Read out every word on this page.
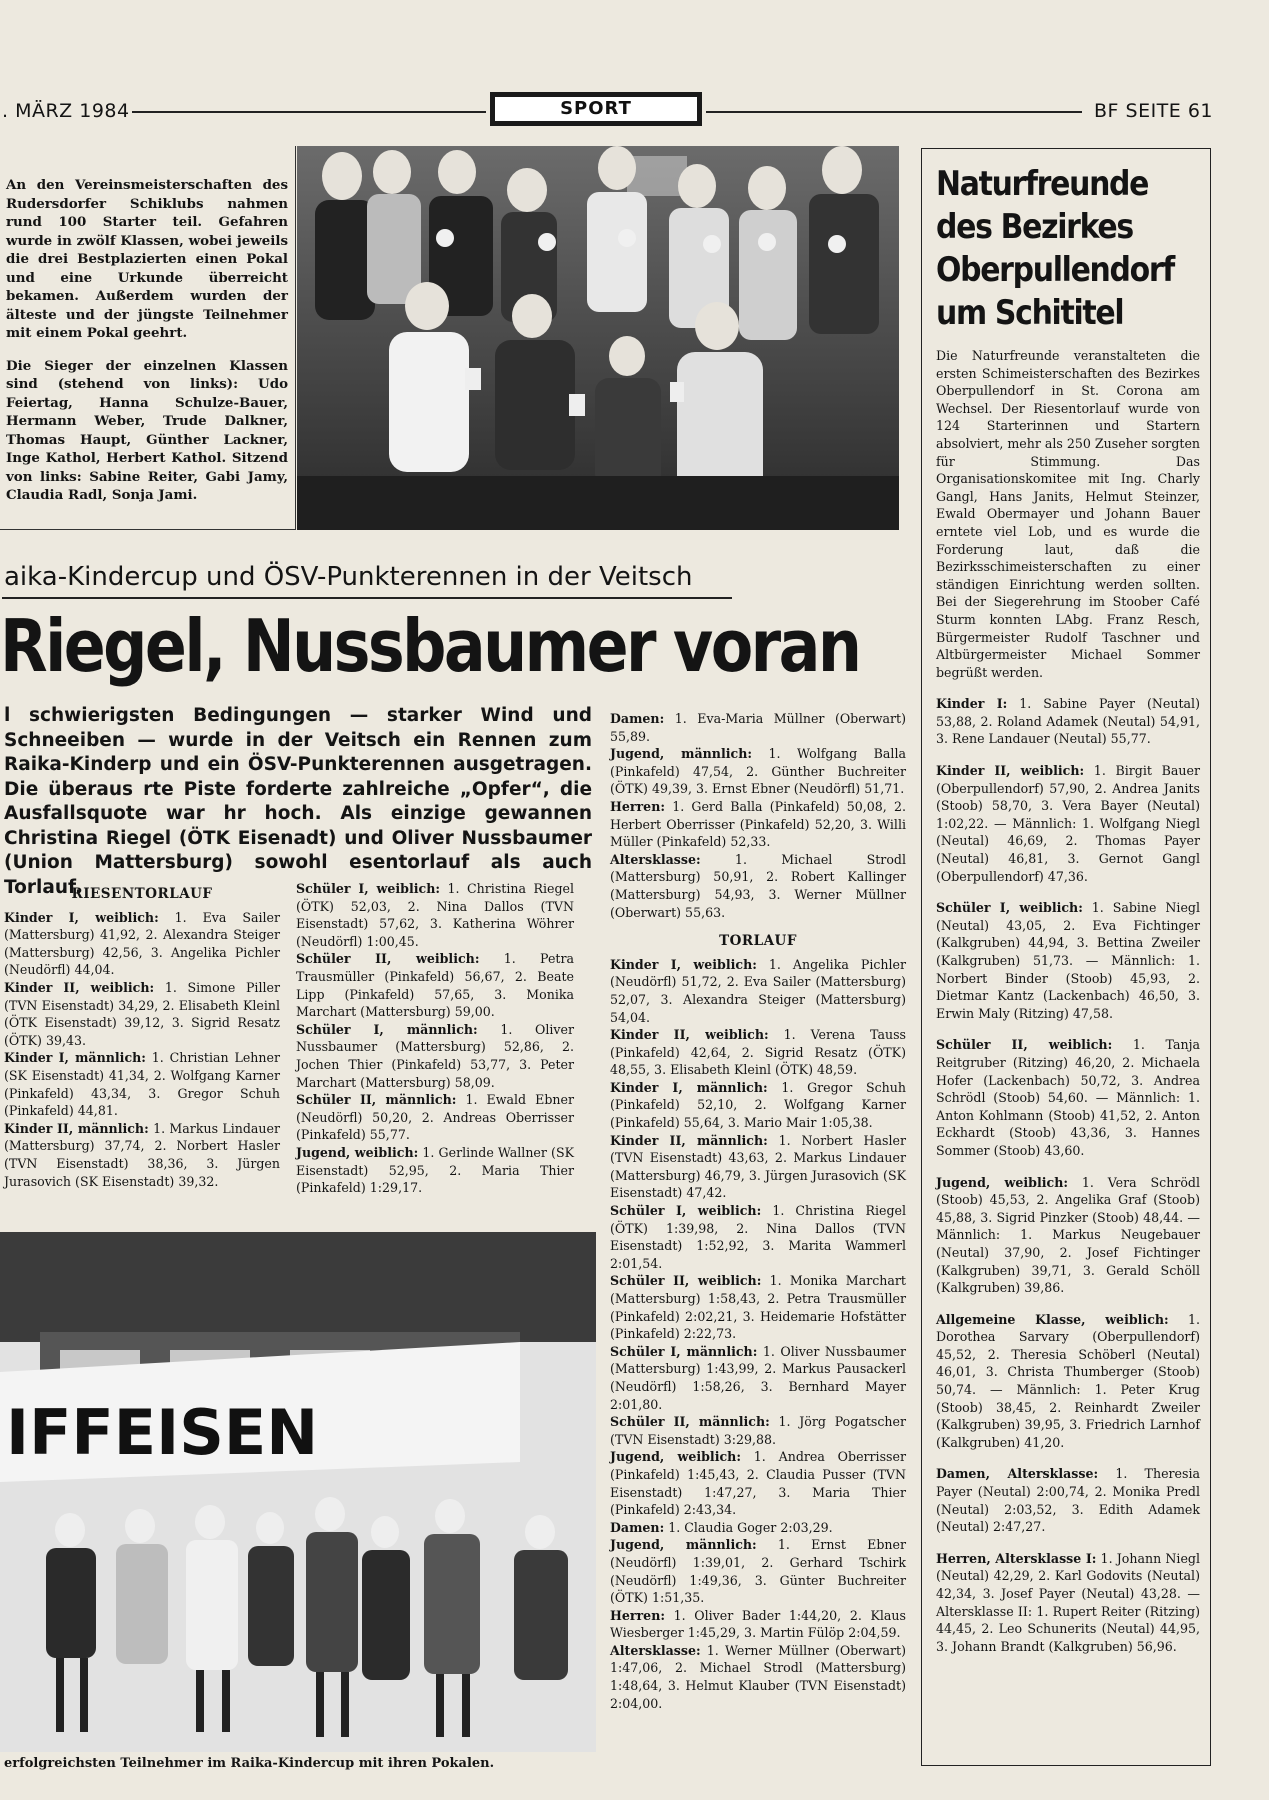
. MÄRZ 1984	SPORT	BF SEITE 61

An den Vereinsmeisterschaften des Rudersdorfer Schiklubs nahmen rund 100 Starter teil. Gefahren wurde in zwölf Klassen, wobei jeweils die drei Bestplazierten einen Pokal und eine Urkunde überreicht bekamen. Außerdem wurden der älteste und der jüngste Teilnehmer mit einem Pokal geehrt.

Die Sieger der einzelnen Klassen sind (stehend von links): Udo Feiertag, Hanna Schulze-Bauer, Hermann Weber, Trude Dalkner, Thomas Haupt, Günther Lackner, Inge Kathol, Herbert Kathol. Sitzend von links: Sabine Reiter, Gabi Jamy, Claudia Radl, Sonja Jami.

aika-Kindercup und ÖSV-Punkterennen in der Veitsch
Riegel, Nussbaumer voran
l schwierigsten Bedingungen — starker Wind und Schneeiben — wurde in der Veitsch ein Rennen zum Raika-Kinderp und ein ÖSV-Punkterennen ausgetragen. Die überaus rte Piste forderte zahlreiche „Opfer“, die Ausfallsquote war hr hoch. Als einzige gewannen Christina Riegel (ÖTK Eisenadt) und Oliver Nussbaumer (Union Mattersburg) sowohl esentorlauf als auch Torlauf.

RIESENTORLAUF

Kinder I, weiblich: 1. Eva Sailer (Mattersburg) 41,92, 2. Alexandra Steiger (Mattersburg) 42,56, 3. Angelika Pichler (Neudörfl) 44,04.

Kinder II, weiblich: 1. Simone Piller (TVN Eisenstadt) 34,29, 2. Elisabeth Kleinl (ÖTK Eisenstadt) 39,12, 3. Sigrid Resatz (ÖTK) 39,43.

Kinder I, männlich: 1. Christian Lehner (SK Eisenstadt) 41,34, 2. Wolfgang Karner (Pinkafeld) 43,34, 3. Gregor Schuh (Pinkafeld) 44,81.

Kinder II, männlich: 1. Markus Lindauer (Mattersburg) 37,74, 2. Norbert Hasler (TVN Eisenstadt) 38,36, 3. Jürgen Jurasovich (SK Eisenstadt) 39,32.

Schüler I, weiblich: 1. Christina Riegel (ÖTK) 52,03, 2. Nina Dallos (TVN Eisenstadt) 57,62, 3. Katherina Wöhrer (Neudörfl) 1:00,45.

Schüler II, weiblich: 1. Petra Trausmüller (Pinkafeld) 56,67, 2. Beate Lipp (Pinkafeld) 57,65, 3. Monika Marchart (Mattersburg) 59,00.

Schüler I, männlich: 1. Oliver Nussbaumer (Mattersburg) 52,86, 2. Jochen Thier (Pinkafeld) 53,77, 3. Peter Marchart (Mattersburg) 58,09.

Schüler II, männlich: 1. Ewald Ebner (Neudörfl) 50,20, 2. Andreas Oberrisser (Pinkafeld) 55,77.

Jugend, weiblich: 1. Gerlinde Wallner (SK Eisenstadt) 52,95, 2. Maria Thier (Pinkafeld) 1:29,17.

IFFEISEN
erfolgreichsten Teilnehmer im Raika-Kindercup mit ihren Pokalen.

Damen: 1. Eva-Maria Müllner (Oberwart) 55,89.

Jugend, männlich: 1. Wolfgang Balla (Pinkafeld) 47,54, 2. Günther Buchreiter (ÖTK) 49,39, 3. Ernst Ebner (Neudörfl) 51,71.

Herren: 1. Gerd Balla (Pinkafeld) 50,08, 2. Herbert Oberrisser (Pinkafeld) 52,20, 3. Willi Müller (Pinkafeld) 52,33.

Altersklasse: 1. Michael Strodl (Mattersburg) 50,91, 2. Robert Kallinger (Mattersburg) 54,93, 3. Werner Müllner (Oberwart) 55,63.

TORLAUF

Kinder I, weiblich: 1. Angelika Pichler (Neudörfl) 51,72, 2. Eva Sailer (Mattersburg) 52,07, 3. Alexandra Steiger (Mattersburg) 54,04.

Kinder II, weiblich: 1. Verena Tauss (Pinkafeld) 42,64, 2. Sigrid Resatz (ÖTK) 48,55, 3. Elisabeth Kleinl (ÖTK) 48,59.

Kinder I, männlich: 1. Gregor Schuh (Pinkafeld) 52,10, 2. Wolfgang Karner (Pinkafeld) 55,64, 3. Mario Mair 1:05,38.

Kinder II, männlich: 1. Norbert Hasler (TVN Eisenstadt) 43,63, 2. Markus Lindauer (Mattersburg) 46,79, 3. Jürgen Jurasovich (SK Eisenstadt) 47,42.

Schüler I, weiblich: 1. Christina Riegel (ÖTK) 1:39,98, 2. Nina Dallos (TVN Eisenstadt) 1:52,92, 3. Marita Wammerl 2:01,54.

Schüler II, weiblich: 1. Monika Marchart (Mattersburg) 1:58,43, 2. Petra Trausmüller (Pinkafeld) 2:02,21, 3. Heidemarie Hofstätter (Pinkafeld) 2:22,73.

Schüler I, männlich: 1. Oliver Nussbaumer (Mattersburg) 1:43,99, 2. Markus Pausackerl (Neudörfl) 1:58,26, 3. Bernhard Mayer 2:01,80.

Schüler II, männlich: 1. Jörg Pogatscher (TVN Eisenstadt) 3:29,88.

Jugend, weiblich: 1. Andrea Oberrisser (Pinkafeld) 1:45,43, 2. Claudia Pusser (TVN Eisenstadt) 1:47,27, 3. Maria Thier (Pinkafeld) 2:43,34.

Damen: 1. Claudia Goger 2:03,29.

Jugend, männlich: 1. Ernst Ebner (Neudörfl) 1:39,01, 2. Gerhard Tschirk (Neudörfl) 1:49,36, 3. Günter Buchreiter (ÖTK) 1:51,35.

Herren: 1. Oliver Bader 1:44,20, 2. Klaus Wiesberger 1:45,29, 3. Martin Fülöp 2:04,59.

Altersklasse: 1. Werner Müllner (Oberwart) 1:47,06, 2. Michael Strodl (Mattersburg) 1:48,64, 3. Helmut Klauber (TVN Eisenstadt) 2:04,00.

Naturfreunde
des Bezirkes
Oberpullendorf
um Schititel

Die Naturfreunde veranstalteten die ersten Schimeisterschaften des Bezirkes Oberpullendorf in St. Corona am Wechsel. Der Riesentorlauf wurde von 124 Starterinnen und Startern absolviert, mehr als 250 Zuseher sorgten für Stimmung. Das Organisationskomitee mit Ing. Charly Gangl, Hans Janits, Helmut Steinzer, Ewald Obermayer und Johann Bauer erntete viel Lob, und es wurde die Forderung laut, daß die Bezirksschimeisterschaften zu einer ständigen Einrichtung werden sollten. Bei der Siegerehrung im Stoober Café Sturm konnten LAbg. Franz Resch, Bürgermeister Rudolf Taschner und Altbürgermeister Michael Sommer begrüßt werden.

Kinder I: 1. Sabine Payer (Neutal) 53,88, 2. Roland Adamek (Neutal) 54,91, 3. Rene Landauer (Neutal) 55,77.

Kinder II, weiblich: 1. Birgit Bauer (Oberpullendorf) 57,90, 2. Andrea Janits (Stoob) 58,70, 3. Vera Bayer (Neutal) 1:02,22. — Männlich: 1. Wolfgang Niegl (Neutal) 46,69, 2. Thomas Payer (Neutal) 46,81, 3. Gernot Gangl (Oberpullendorf) 47,36.

Schüler I, weiblich: 1. Sabine Niegl (Neutal) 43,05, 2. Eva Fichtinger (Kalkgruben) 44,94, 3. Bettina Zweiler (Kalkgruben) 51,73. — Männlich: 1. Norbert Binder (Stoob) 45,93, 2. Dietmar Kantz (Lackenbach) 46,50, 3. Erwin Maly (Ritzing) 47,58.

Schüler II, weiblich: 1. Tanja Reitgruber (Ritzing) 46,20, 2. Michaela Hofer (Lackenbach) 50,72, 3. Andrea Schrödl (Stoob) 54,60. — Männlich: 1. Anton Kohlmann (Stoob) 41,52, 2. Anton Eckhardt (Stoob) 43,36, 3. Hannes Sommer (Stoob) 43,60.

Jugend, weiblich: 1. Vera Schrödl (Stoob) 45,53, 2. Angelika Graf (Stoob) 45,88, 3. Sigrid Pinzker (Stoob) 48,44. — Männlich: 1. Markus Neugebauer (Neutal) 37,90, 2. Josef Fichtinger (Kalkgruben) 39,71, 3. Gerald Schöll (Kalkgruben) 39,86.

Allgemeine Klasse, weiblich: 1. Dorothea Sarvary (Oberpullendorf) 45,52, 2. Theresia Schöberl (Neutal) 46,01, 3. Christa Thumberger (Stoob) 50,74. — Männlich: 1. Peter Krug (Stoob) 38,45, 2. Reinhardt Zweiler (Kalkgruben) 39,95, 3. Friedrich Larnhof (Kalkgruben) 41,20.

Damen, Altersklasse: 1. Theresia Payer (Neutal) 2:00,74, 2. Monika Predl (Neutal) 2:03,52, 3. Edith Adamek (Neutal) 2:47,27.

Herren, Altersklasse I: 1. Johann Niegl (Neutal) 42,29, 2. Karl Godovits (Neutal) 42,34, 3. Josef Payer (Neutal) 43,28. — Altersklasse II: 1. Rupert Reiter (Ritzing) 44,45, 2. Leo Schunerits (Neutal) 44,95, 3. Johann Brandt (Kalkgruben) 56,96.
